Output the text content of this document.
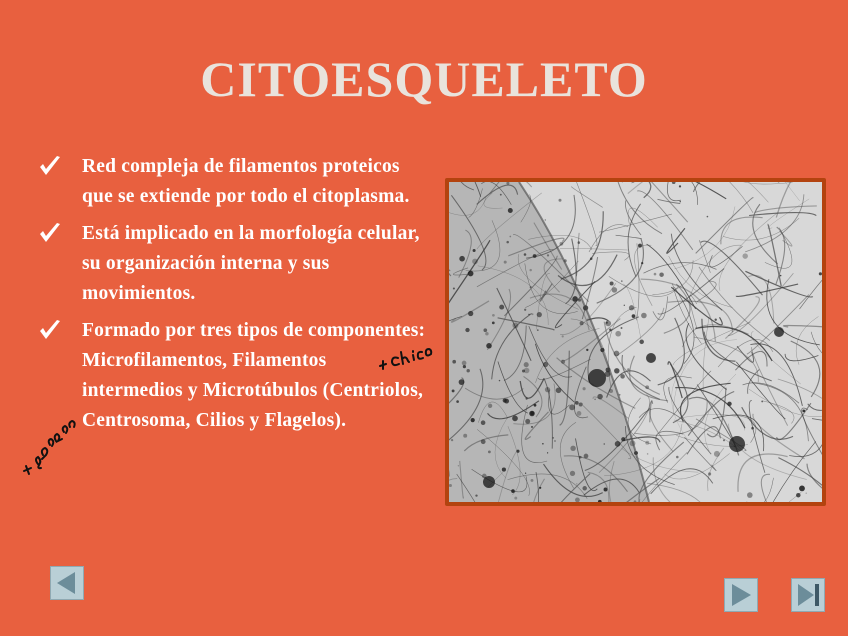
CITOESQUELETO
Red compleja de filamentos proteicos que se extiende por todo el citoplasma.
Está implicado en la morfología celular, su organización interna y sus movimientos.
Formado por tres tipos de componentes: Microfilamentos, Filamentos intermedios y Microtúbulos (Centriolos, Centrosoma, Cilios y Flagelos).
